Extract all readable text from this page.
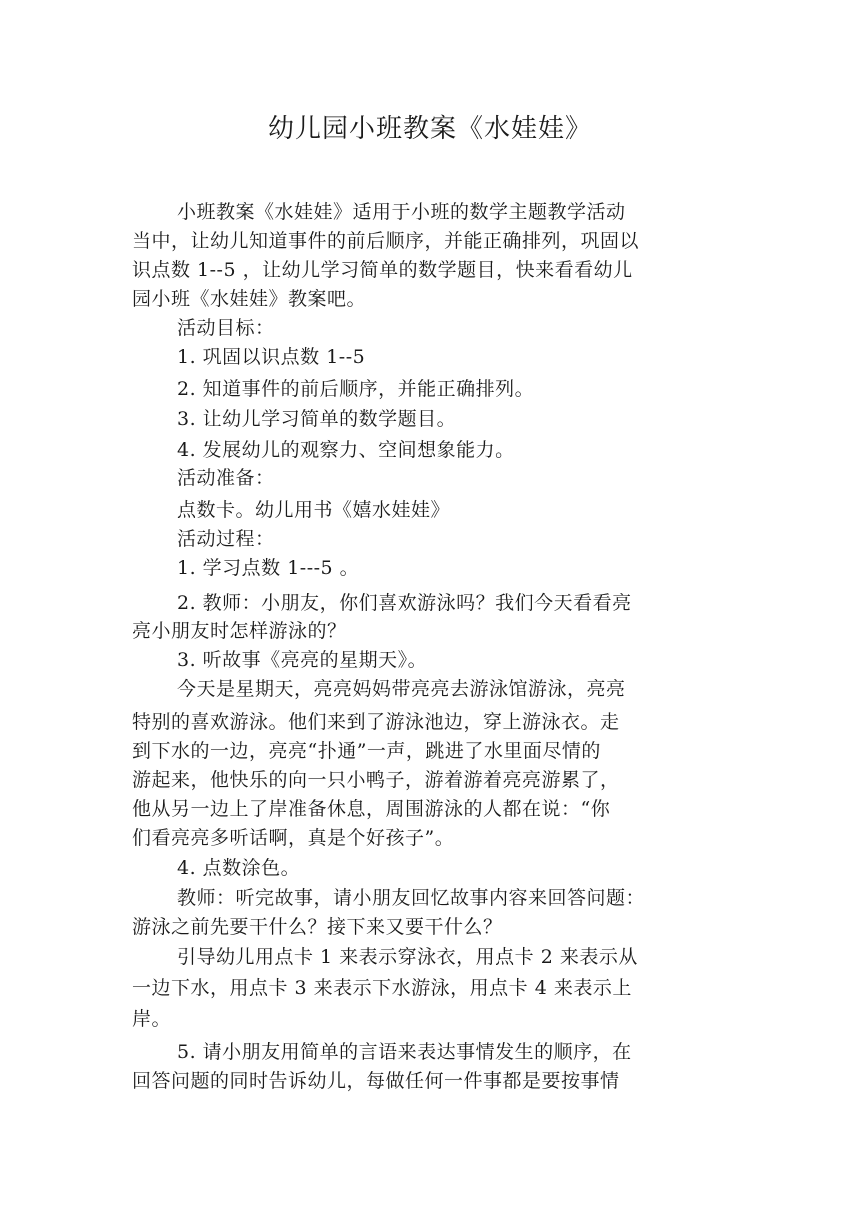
幼儿园小班教案《水娃娃》
小班教案《水娃娃》适用于小班的数学主题教学活动
当中，让幼儿知道事件的前后顺序，并能正确排列，巩固以
识点数 1--5 ，让幼儿学习简单的数学题目，快来看看幼儿
园小班《水娃娃》教案吧。
活动目标：
1. 巩固以识点数 1--5
2. 知道事件的前后顺序，并能正确排列。
3. 让幼儿学习简单的数学题目。
4. 发展幼儿的观察力、空间想象能力。
活动准备：
点数卡。幼儿用书《嬉水娃娃》
活动过程：
1. 学习点数 1---5 。
2. 教师：小朋友，你们喜欢游泳吗？我们今天看看亮
亮小朋友时怎样游泳的？
3. 听故事《亮亮的星期天》。
今天是星期天，亮亮妈妈带亮亮去游泳馆游泳，亮亮
特别的喜欢游泳。他们来到了游泳池边，穿上游泳衣。走
到下水的一边，亮亮“扑通”一声，跳进了水里面尽情的
游起来，他快乐的向一只小鸭子，游着游着亮亮游累了，
他从另一边上了岸准备休息，周围游泳的人都在说：“你
们看亮亮多听话啊，真是个好孩子”。
4. 点数涂色。
教师：听完故事，请小朋友回忆故事内容来回答问题：
游泳之前先要干什么？接下来又要干什么？
引导幼儿用点卡 1 来表示穿泳衣，用点卡 2 来表示从
一边下水，用点卡 3 来表示下水游泳，用点卡 4 来表示上
岸。
5. 请小朋友用简单的言语来表达事情发生的顺序，在
回答问题的同时告诉幼儿，每做任何一件事都是要按事情
